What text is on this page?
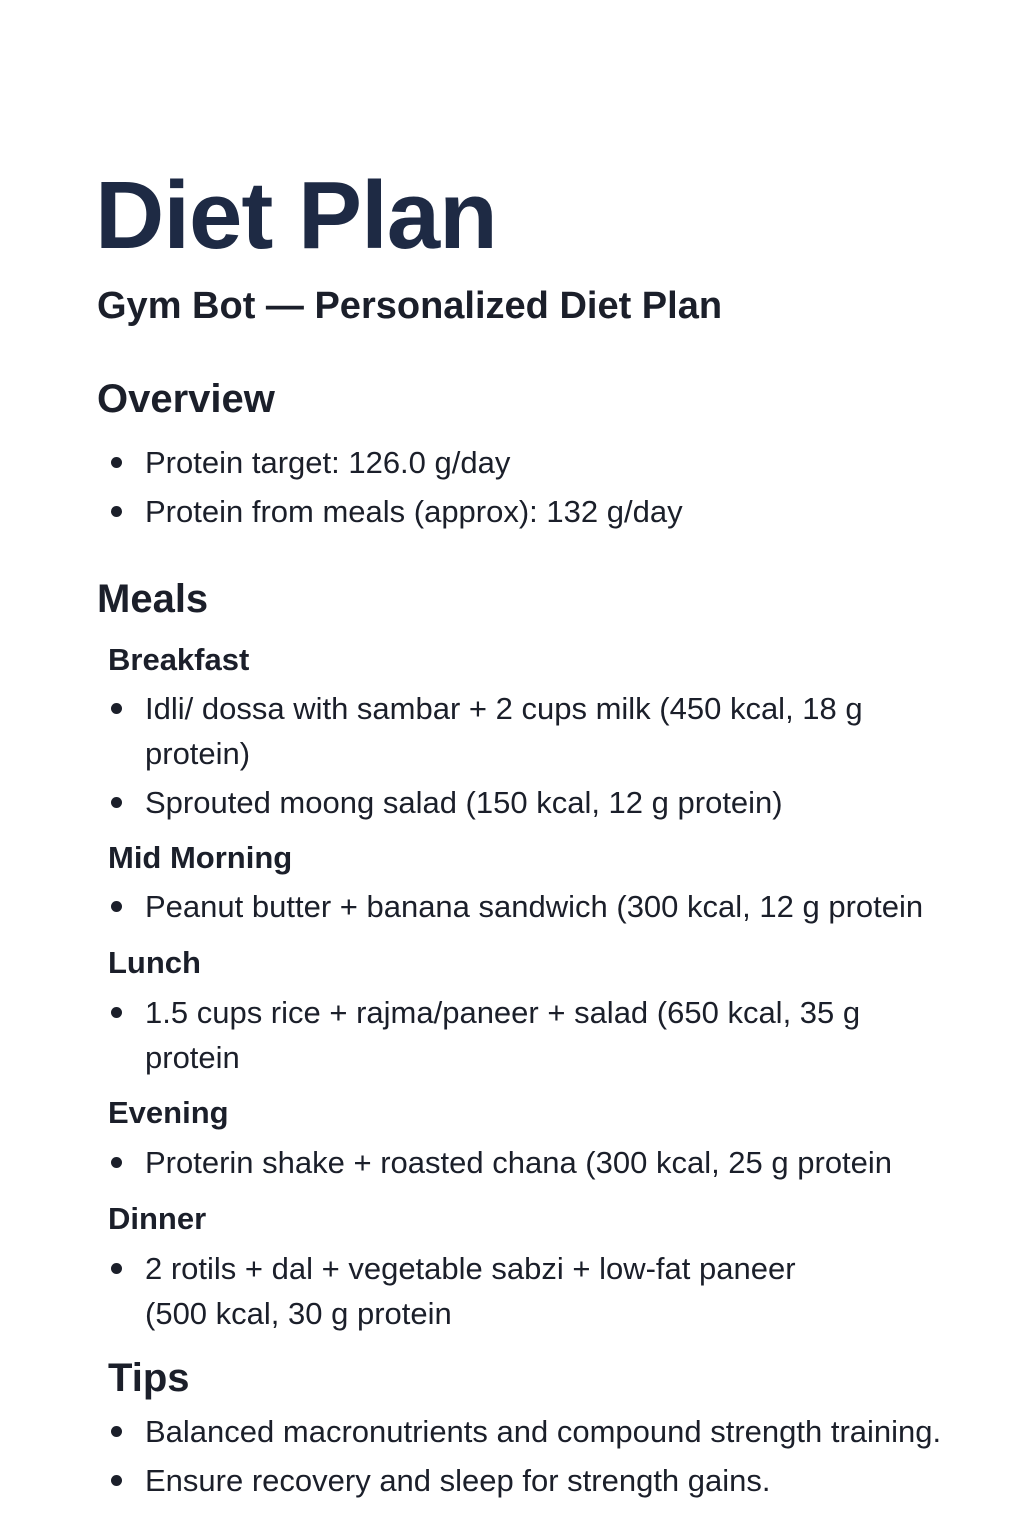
Diet Plan
Gym Bot — Personalized Diet Plan
Overview
Protein target: 126.0 g/day
Protein from meals (approx): 132 g/day
Meals
Breakfast
Idli/ dossa with sambar + 2 cups milk (450 kcal, 18 g protein)
Sprouted moong salad (150 kcal, 12 g protein)
Mid Morning
Peanut butter + banana sandwich (300 kcal, 12 g protein
Lunch
1.5 cups rice + rajma/paneer + salad (650 kcal, 35 g protein
Evening
Proterin shake + roasted chana (300 kcal, 25 g protein
Dinner
2 rotils + dal + vegetable sabzi + low-fat paneer (500 kcal, 30 g protein
Tips
Balanced macronutrients and compound strength training.
Ensure recovery and sleep for strength gains.
